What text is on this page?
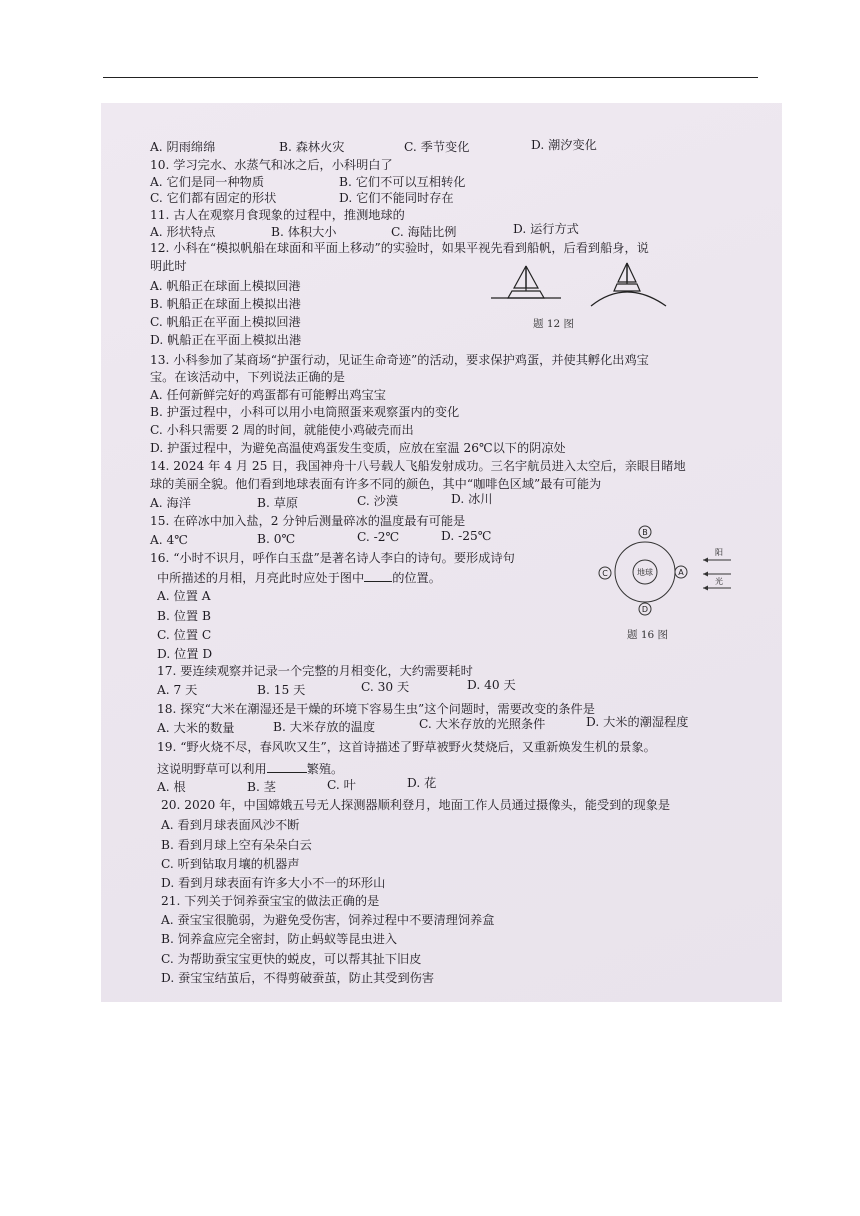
A. 阴雨绵绵	B. 森林火灾	C. 季节变化	D. 潮汐变化
10. 学习完水、水蒸气和冰之后，小科明白了
A. 它们是同一种物质	B. 它们不可以互相转化
C. 它们都有固定的形状	D. 它们不能同时存在
11. 古人在观察月食现象的过程中，推测地球的
A. 形状特点	B. 体积大小	C. 海陆比例	D. 运行方式
12. 小科在“模拟帆船在球面和平面上移动”的实验时，如果平视先看到船帆，后看到船身，说
明此时
A. 帆船正在球面上模拟回港
B. 帆船正在球面上模拟出港
C. 帆船正在平面上模拟回港
D. 帆船正在平面上模拟出港
题 12 图
13. 小科参加了某商场“护蛋行动，见证生命奇迹”的活动，要求保护鸡蛋，并使其孵化出鸡宝
宝。在该活动中，下列说法正确的是
A. 任何新鲜完好的鸡蛋都有可能孵出鸡宝宝
B. 护蛋过程中，小科可以用小电筒照蛋来观察蛋内的变化
C. 小科只需要 2 周的时间，就能使小鸡破壳而出
D. 护蛋过程中，为避免高温使鸡蛋发生变质，应放在室温 26℃以下的阴凉处
14. 2024 年 4 月 25 日，我国神舟十八号载人飞船发射成功。三名宇航员进入太空后，亲眼目睹地
球的美丽全貌。他们看到地球表面有许多不同的颜色，其中“咖啡色区域”最有可能为
A. 海洋	B. 草原	C. 沙漠	D. 冰川
15. 在碎冰中加入盐，2 分钟后测量碎冰的温度最有可能是
A. 4℃	B. 0℃	C. -2℃	D. -25℃
16. “小时不识月，呼作白玉盘”是著名诗人李白的诗句。要形成诗句
中所描述的月相，月亮此时应处于图中 的位置。
A. 位置 A
B. 位置 B
C. 位置 C
D. 位置 D
地球
B
A
C
D
阳
光
题 16 图
17. 要连续观察并记录一个完整的月相变化，大约需要耗时
A. 7 天	B. 15 天	C. 30 天	D. 40 天
18. 探究“大米在潮湿还是干燥的环境下容易生虫”这个问题时，需要改变的条件是
A. 大米的数量	B. 大米存放的温度	C. 大米存放的光照条件	D. 大米的潮湿程度
19. “野火烧不尽，春风吹又生”，这首诗描述了野草被野火焚烧后，又重新焕发生机的景象。
这说明野草可以利用	繁殖。
A. 根	B. 茎	C. 叶	D. 花
20. 2020 年，中国嫦娥五号无人探测器顺利登月，地面工作人员通过摄像头，能受到的现象是
A. 看到月球表面风沙不断
B. 看到月球上空有朵朵白云
C. 听到钻取月壤的机器声
D. 看到月球表面有许多大小不一的环形山
21. 下列关于饲养蚕宝宝的做法正确的是
A. 蚕宝宝很脆弱，为避免受伤害，饲养过程中不要清理饲养盒
B. 饲养盒应完全密封，防止蚂蚁等昆虫进入
C. 为帮助蚕宝宝更快的蜕皮，可以帮其扯下旧皮
D. 蚕宝宝结茧后，不得剪破蚕茧，防止其受到伤害
